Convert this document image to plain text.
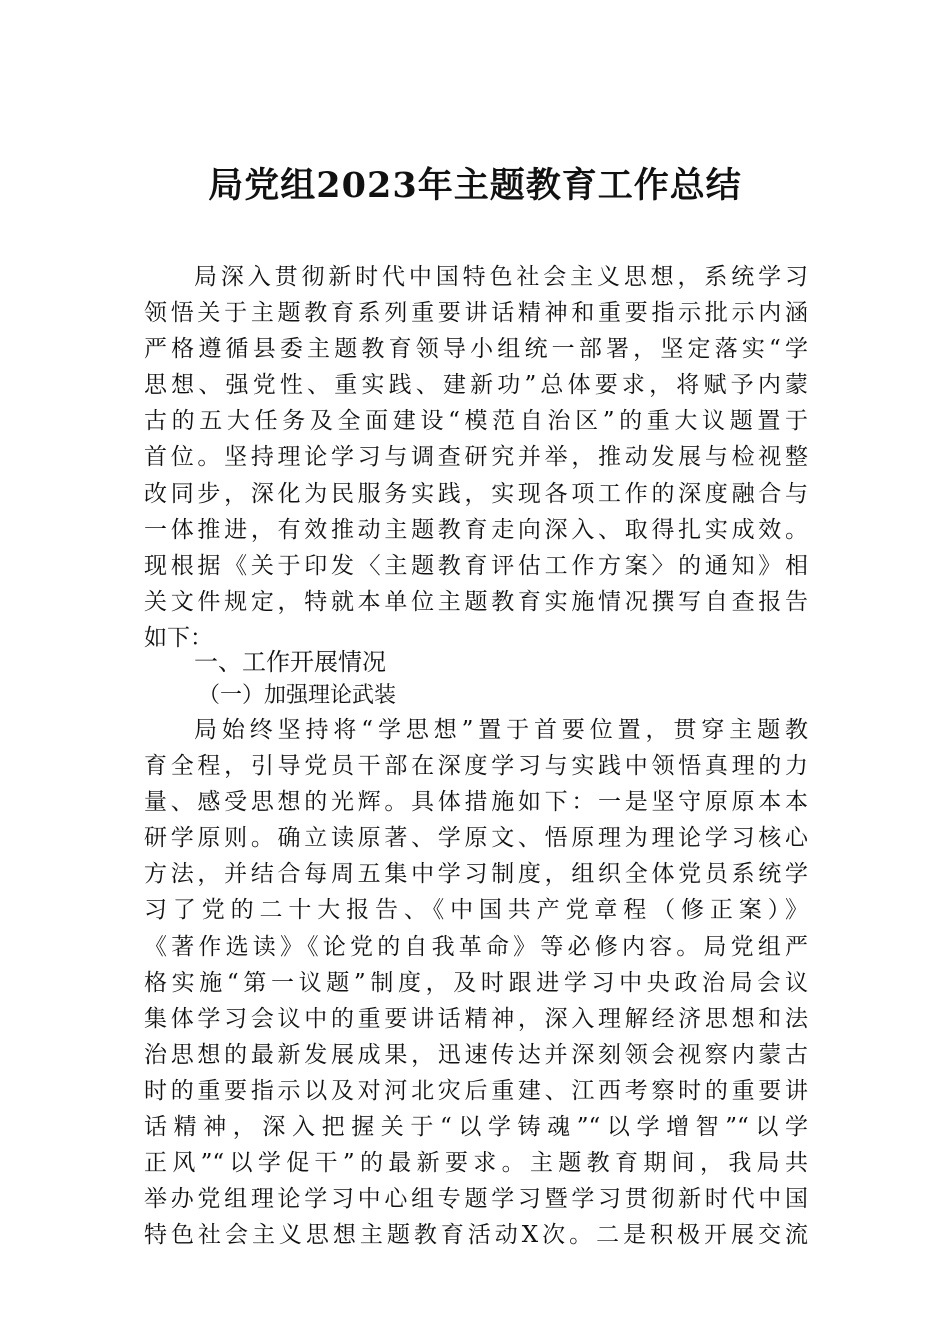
局党组2023年主题教育工作总结
局深入贯彻新时代中国特色社会主义思想，系统学习
领悟关于主题教育系列重要讲话精神和重要指示批示内涵
严格遵循县委主题教育领导小组统一部署，坚定落实“学
思想、强党性、重实践、建新功”总体要求，将赋予内蒙
古的五大任务及全面建设“模范自治区”的重大议题置于
首位。坚持理论学习与调查研究并举，推动发展与检视整
改同步，深化为民服务实践，实现各项工作的深度融合与
一体推进，有效推动主题教育走向深入、取得扎实成效。
现根据《关于印发〈主题教育评估工作方案〉的通知》相
关文件规定，特就本单位主题教育实施情况撰写自查报告
如下：
一、工作开展情况
（一）加强理论武装
局始终坚持将“学思想”置于首要位置，贯穿主题教
育全程，引导党员干部在深度学习与实践中领悟真理的力
量、感受思想的光辉。具体措施如下：一是坚守原原本本
研学原则。确立读原著、学原文、悟原理为理论学习核心
方法，并结合每周五集中学习制度，组织全体党员系统学
习了党的二十大报告、《中国共产党章程（修正案）》
《著作选读》《论党的自我革命》等必修内容。局党组严
格实施“第一议题”制度，及时跟进学习中央政治局会议
集体学习会议中的重要讲话精神，深入理解经济思想和法
治思想的最新发展成果，迅速传达并深刻领会视察内蒙古
时的重要指示以及对河北灾后重建、江西考察时的重要讲
话精神，深入把握关于“以学铸魂”“以学增智”“以学
正风”“以学促干”的最新要求。主题教育期间，我局共
举办党组理论学习中心组专题学习暨学习贯彻新时代中国
特色社会主义思想主题教育活动X次。二是积极开展交流
